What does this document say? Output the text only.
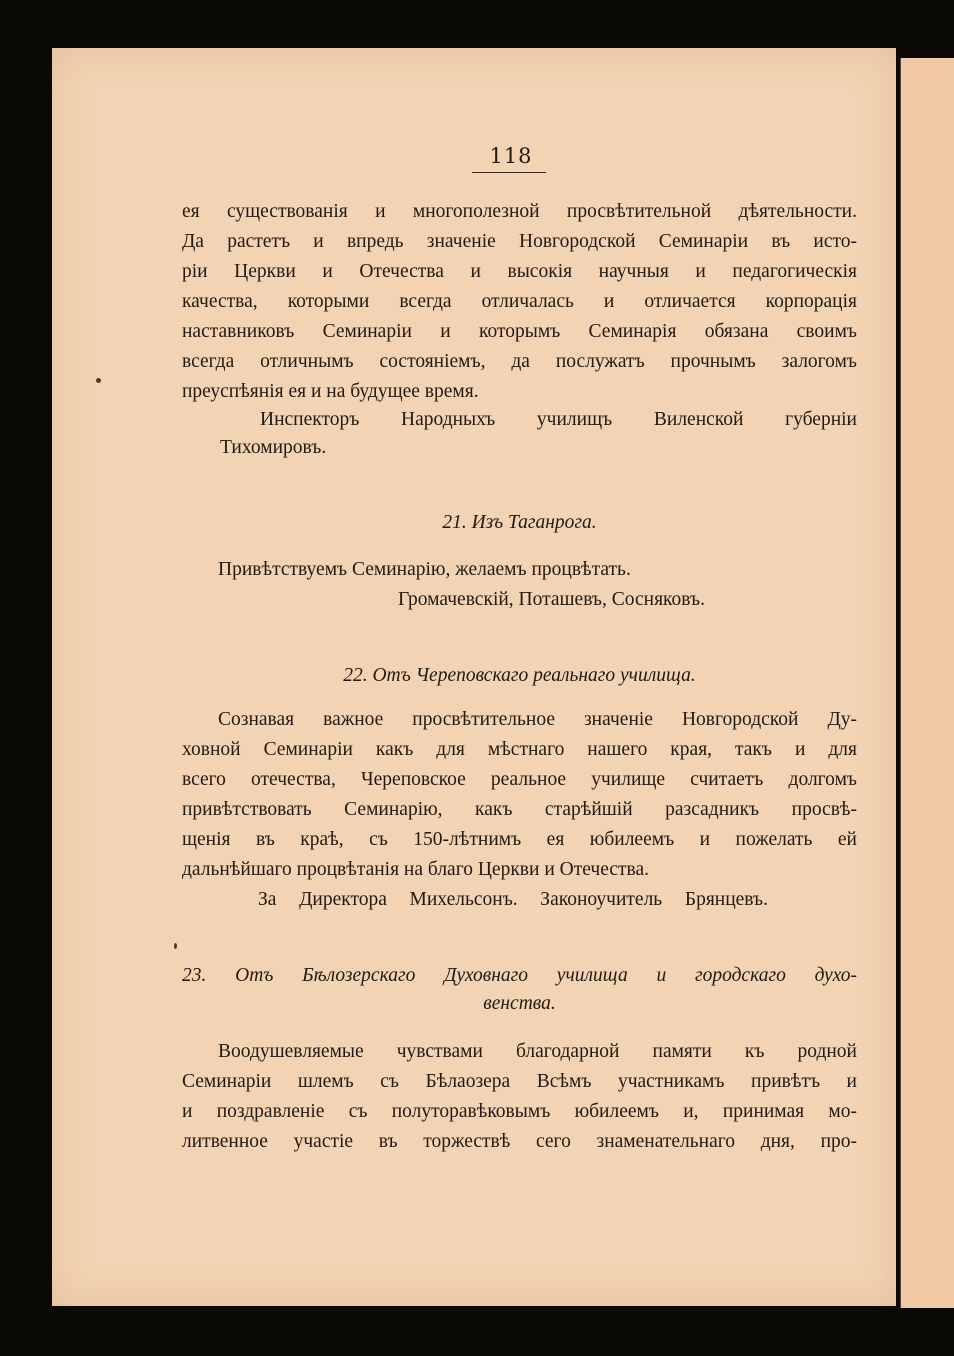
118
ея существованія и многополезной просвѣтительной дѣятельности.
Да растетъ и впредь значеніе Новгородской Семинаріи въ исто-
ріи Церкви и Отечества и высокія научныя и педагогическія
качества, которыми всегда отличалась и отличается корпорація
наставниковъ Семинаріи и которымъ Семинарія обязана своимъ
всегда отличнымъ состояніемъ, да послужатъ прочнымъ залогомъ
преуспѣянія ея и на будущее время.
Инспекторъ Народныхъ училищъ Виленской губерніи
Тихомировъ.
21. Изъ Таганрога.
Привѣтствуемъ Семинарію, желаемъ процвѣтать.
Громачевскій, Поташевъ, Сосняковъ.
22. Отъ Череповскаго реальнаго училища.
Сознавая важное просвѣтительное значеніе Новгородской Ду-
ховной Семинаріи какъ для мѣстнаго нашего края, такъ и для
всего отечества, Череповское реальное училище считаетъ долгомъ
привѣтствовать Семинарію, какъ старѣйшій разсадникъ просвѣ-
щенія въ краѣ, съ 150-лѣтнимъ ея юбилеемъ и пожелать ей
дальнѣйшаго процвѣтанія на благо Церкви и Отечества.
За Директора Михельсонъ. Законоучитель Брянцевъ.
23. Отъ Бѣлозерскаго Духовнаго училища и городскаго духо-
венства.
Воодушевляемые чувствами благодарной памяти къ родной
Семинаріи шлемъ съ Бѣлаозера Всѣмъ участникамъ привѣтъ и
и поздравленіе съ полуторавѣковымъ юбилеемъ и, принимая мо-
литвенное участіе въ торжествѣ сего знаменательнаго дня, про-
